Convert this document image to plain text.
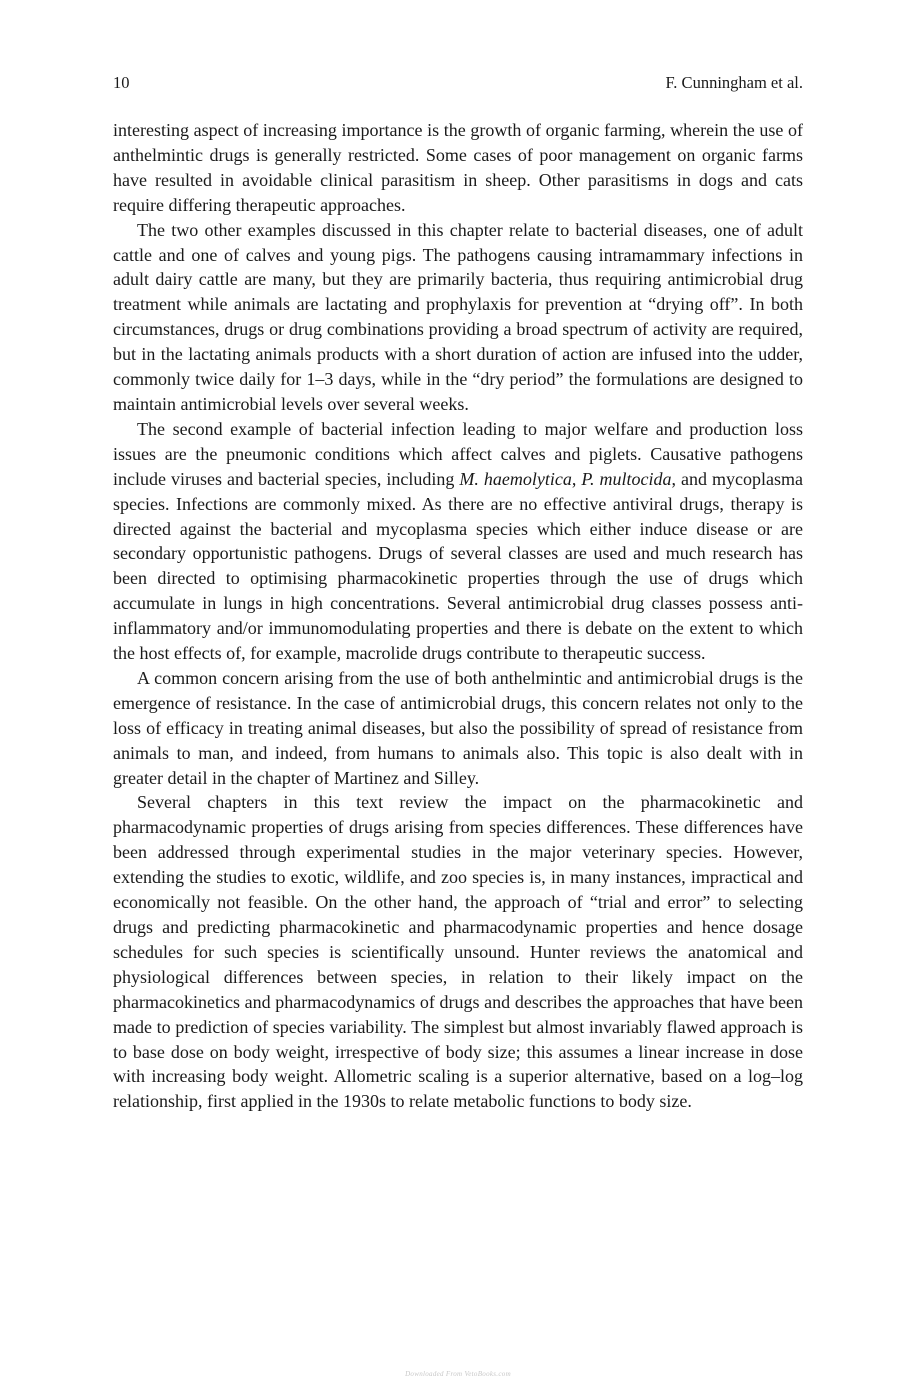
10	F. Cunningham et al.

interesting aspect of increasing importance is the growth of organic farming, wherein the use of anthelmintic drugs is generally restricted. Some cases of poor management on organic farms have resulted in avoidable clinical parasitism in sheep. Other parasitisms in dogs and cats require differing therapeutic approaches.

The two other examples discussed in this chapter relate to bacterial diseases, one of adult cattle and one of calves and young pigs. The pathogens causing intramammary infections in adult dairy cattle are many, but they are primarily bacteria, thus requiring antimicrobial drug treatment while animals are lactating and prophylaxis for prevention at “drying off”. In both circumstances, drugs or drug combinations providing a broad spectrum of activity are required, but in the lactating animals products with a short duration of action are infused into the udder, commonly twice daily for 1–3 days, while in the “dry period” the formulations are designed to maintain antimicrobial levels over several weeks.

The second example of bacterial infection leading to major welfare and production loss issues are the pneumonic conditions which affect calves and piglets. Causative pathogens include viruses and bacterial species, including M. haemolytica, P. multocida, and mycoplasma species. Infections are commonly mixed. As there are no effective antiviral drugs, therapy is directed against the bacterial and mycoplasma species which either induce disease or are secondary opportunistic pathogens. Drugs of several classes are used and much research has been directed to optimising pharmacokinetic properties through the use of drugs which accumulate in lungs in high concentrations. Several antimicrobial drug classes possess anti-inflammatory and/or immunomodulating properties and there is debate on the extent to which the host effects of, for example, macrolide drugs contribute to therapeutic success.

A common concern arising from the use of both anthelmintic and antimicrobial drugs is the emergence of resistance. In the case of antimicrobial drugs, this concern relates not only to the loss of efficacy in treating animal diseases, but also the possibility of spread of resistance from animals to man, and indeed, from humans to animals also. This topic is also dealt with in greater detail in the chapter of Martinez and Silley.

Several chapters in this text review the impact on the pharmacokinetic and pharmacodynamic properties of drugs arising from species differences. These differences have been addressed through experimental studies in the major veterinary species. However, extending the studies to exotic, wildlife, and zoo species is, in many instances, impractical and economically not feasible. On the other hand, the approach of “trial and error” to selecting drugs and predicting pharmacokinetic and pharmacodynamic properties and hence dosage schedules for such species is scientifically unsound. Hunter reviews the anatomical and physiological differences between species, in relation to their likely impact on the pharmacokinetics and pharmacodynamics of drugs and describes the approaches that have been made to prediction of species variability. The simplest but almost invariably flawed approach is to base dose on body weight, irrespective of body size; this assumes a linear increase in dose with increasing body weight. Allometric scaling is a superior alternative, based on a log–log relationship, first applied in the 1930s to relate metabolic functions to body size.

Downloaded From VetoBooks.com
